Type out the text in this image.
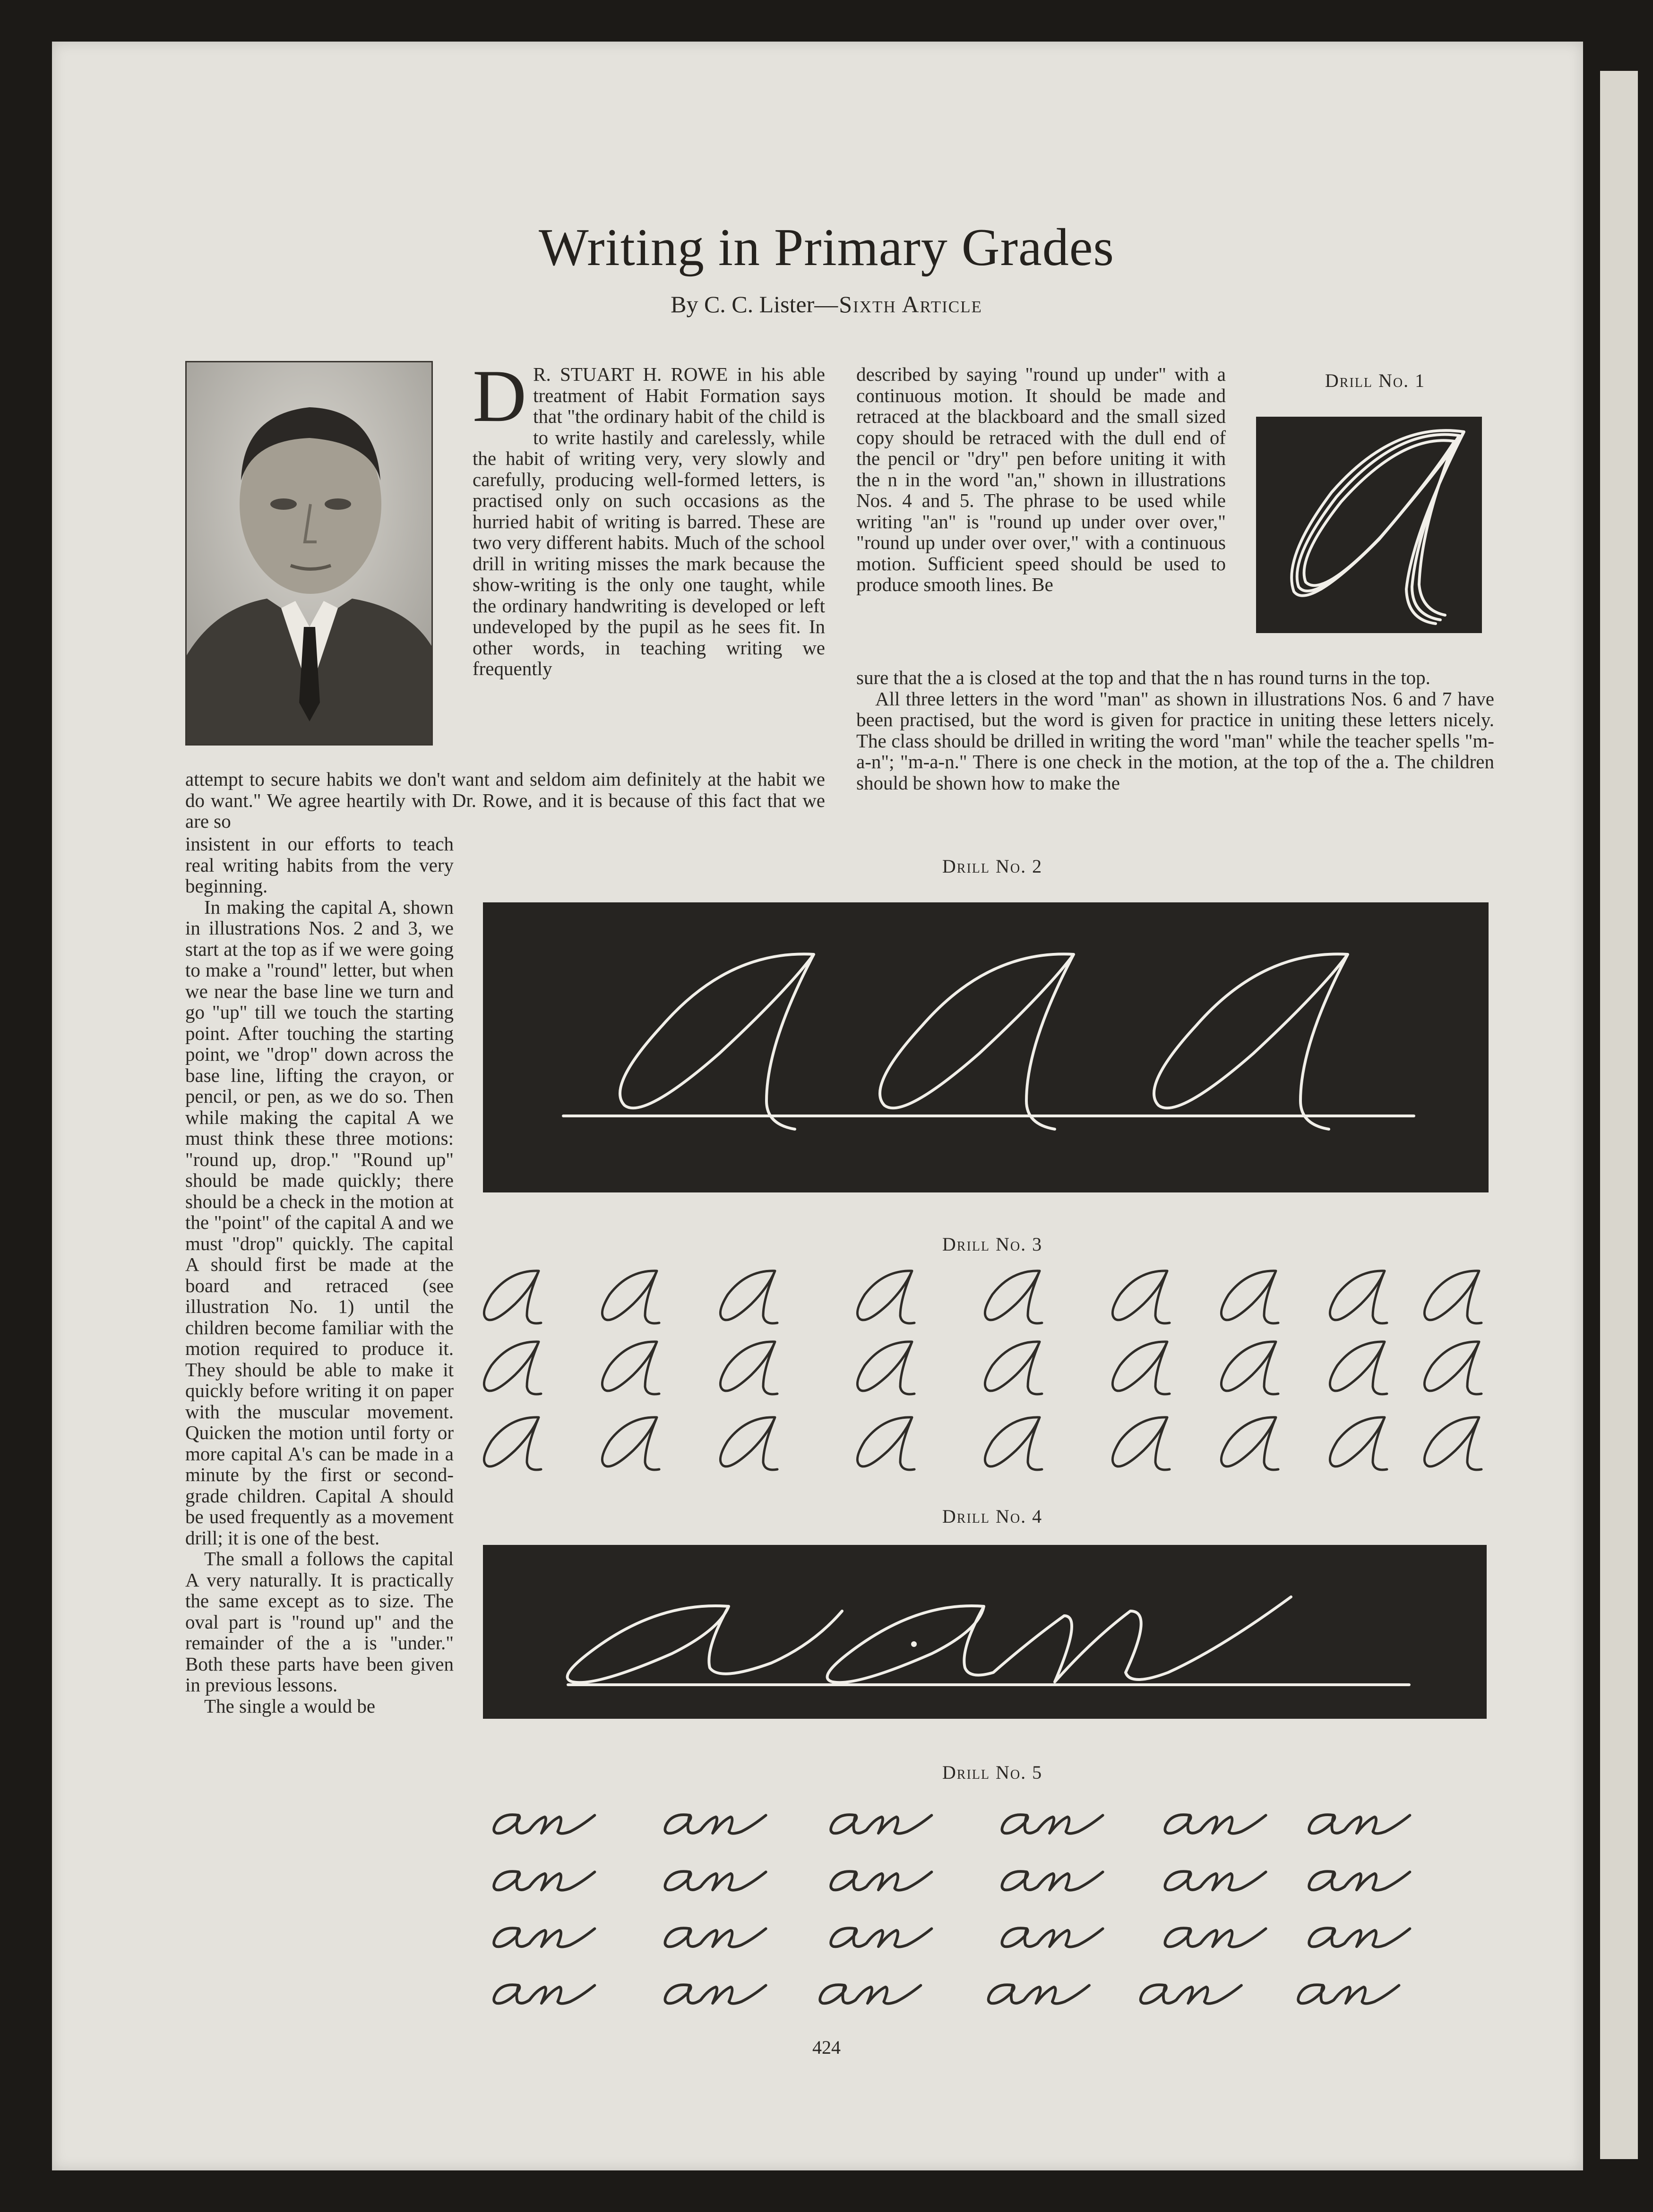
Writing in Primary Grades
By C. C. Lister—Sixth Article
D R. STUART H. ROWE in his able treatment of Habit Formation says that "the ordinary habit of the child is to write hastily and carelessly, while the habit of writing very, very slowly and carefully, producing well-formed letters, is practised only on such occasions as the hurried habit of writing is barred. These are two very different habits. Much of the school drill in writing misses the mark because the show-writing is the only one taught, while the ordinary handwriting is developed or left undeveloped by the pupil as he sees fit. In other words, in teaching writing we frequently
attempt to secure habits we don't want and seldom aim definitely at the habit we do want." We agree heartily with Dr. Rowe, and it is because of this fact that we are so

insistent in our efforts to teach real writing habits from the very beginning.

In making the capital A, shown in illustrations Nos. 2 and 3, we start at the top as if we were going to make a "round" letter, but when we near the base line we turn and go "up" till we touch the starting point. After touching the starting point, we "drop" down across the base line, lifting the crayon, or pencil, or pen, as we do so. Then while making the capital A we must think these three motions: "round up, drop." "Round up" should be made quickly; there should be a check in the motion at the "point" of the capital A and we must "drop" quickly. The capital A should first be made at the board and retraced (see illustration No. 1) until the children become familiar with the motion required to produce it. They should be able to make it quickly before writing it on paper with the muscular movement. Quicken the motion until forty or more capital A's can be made in a minute by the first or second-grade children. Capital A should be used frequently as a movement drill; it is one of the best.

The small a follows the capital A very naturally. It is practically the same except as to size. The oval part is "round up" and the remainder of the a is "under." Both these parts have been given in previous lessons.

The single a would be

described by saying "round up under" with a continuous motion. It should be made and retraced at the blackboard and the small sized copy should be retraced with the dull end of the pencil or "dry" pen before uniting it with the n in the word "an," shown in illustrations Nos. 4 and 5. The phrase to be used while writing "an" is "round up under over over," "round up under over over," with a continuous motion. Sufficient speed should be used to produce smooth lines. Be

sure that the a is closed at the top and that the n has round turns in the top.

All three letters in the word "man" as shown in illustrations Nos. 6 and 7 have been practised, but the word is given for practice in uniting these letters nicely. The class should be drilled in writing the word "man" while the teacher spells "m-a-n"; "m-a-n." There is one check in the motion, at the top of the a. The children should be shown how to make the

Drill No. 1
Drill No. 2
Drill No. 3
Drill No. 4
Drill No. 5
424
